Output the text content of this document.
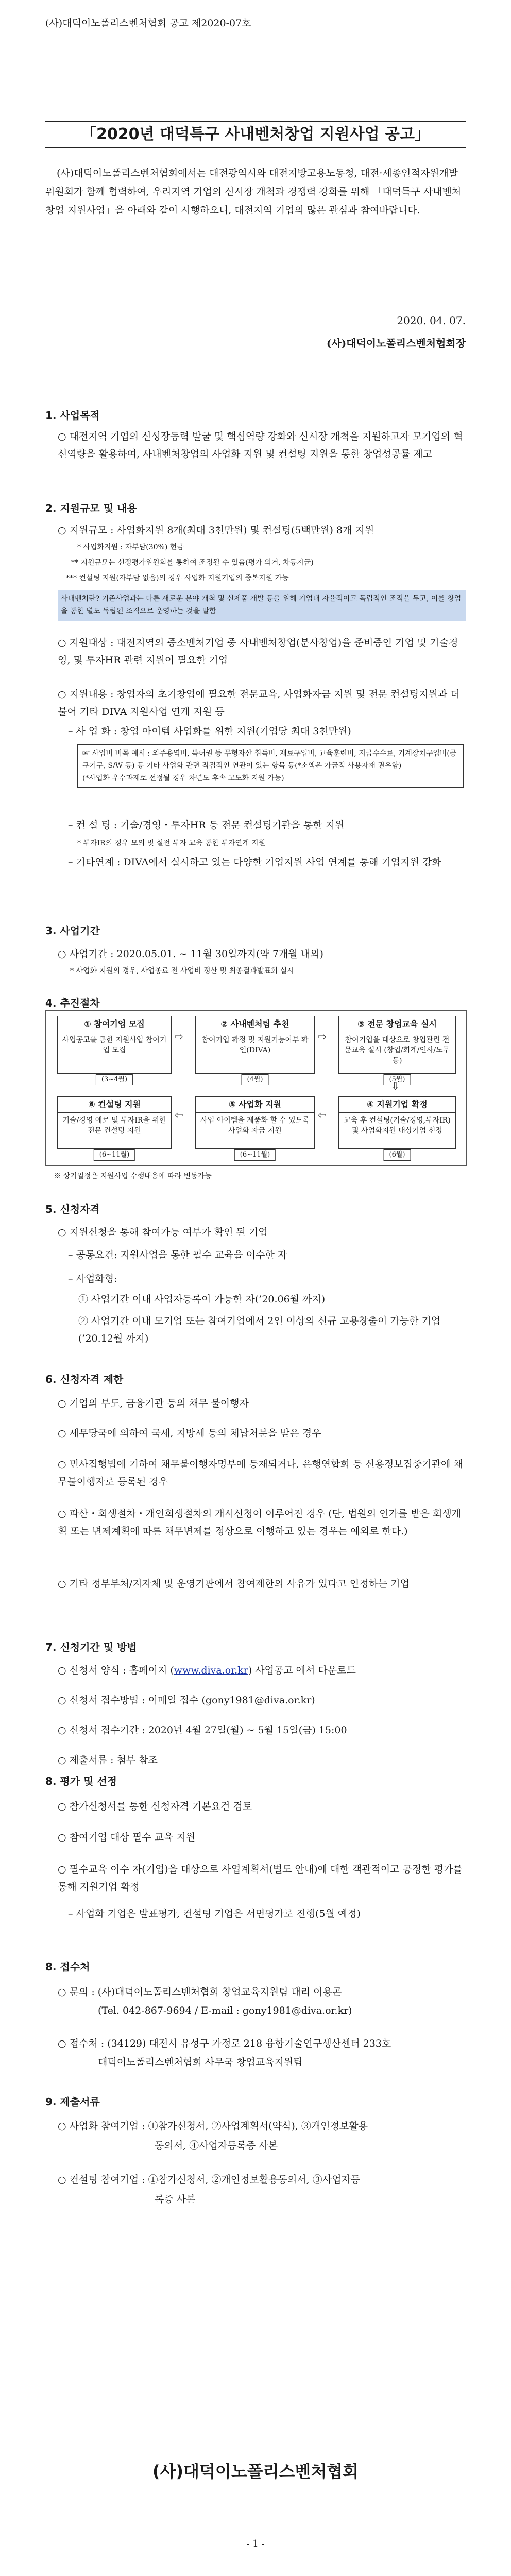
(사)대덕이노폴리스벤처협회 공고 제2020-07호
「2020년 대덕특구 사내벤처창업 지원사업 공고」
(사)대덕이노폴리스벤처협회에서는 대전광역시와 대전지방고용노동청, 대전·세종인적자원개발위원회가 함께 협력하여, 우리지역 기업의 신시장 개척과 경쟁력 강화를 위해 「대덕특구 사내벤처창업 지원사업」을 아래와 같이 시행하오니, 대전지역 기업의 많은 관심과 참여바랍니다.
2020. 04. 07.
(사)대덕이노폴리스벤처협회장
1. 사업목적
○ 대전지역 기업의 신성장동력 발굴 및 핵심역량 강화와 신시장 개척을 지원하고자 모기업의 혁신역량을 활용하여, 사내벤처창업의 사업화 지원 및 컨설팅 지원을 통한 창업성공률 제고
2. 지원규모 및 내용
○ 지원규모 : 사업화지원 8개(최대 3천만원) 및 컨설팅(5백만원) 8개 지원
* 사업화지원 : 자부담(30%) 현금
** 지원규모는 선정평가위원회를 통하여 조정될 수 있음(평가 의거, 차등지급)
*** 컨설팅 지원(자부담 없음)의 경우 사업화 지원기업의 중복지원 가능
사내벤처란? 기존사업과는 다른 새로운 분야 개척 및 신제품 개발 등을 위해 기업내 자율적이고 독립적인 조직을 두고, 이를 창업을 통한 별도 독립된 조직으로 운영하는 것을 말함
○ 지원대상 : 대전지역의 중소벤처기업 중 사내벤처창업(분사창업)을 준비중인 기업 및 기술경영, 및 투자HR 관련 지원이 필요한 기업
○ 지원내용 : 창업자의 초기창업에 필요한 전문교육, 사업화자금 지원 및 전문 컨설팅지원과 더불어 기타 DIVA 지원사업 연계 지원 등
– 사 업 화 : 창업 아이템 사업화를 위한 지원(기업당 최대 3천만원)
☞ 사업비 비목 예시 : 외주용역비, 특허권 등 무형자산 취득비, 재료구입비, 교육훈련비, 지급수수료, 기계장치구입비(공구기구, S/W 등) 등 기타 사업화 관련 직접적인 연관이 있는 항목 등(*소액은 가급적 사용자재 권유함)
(*사업화 우수과제로 선정될 경우 차년도 후속 고도화 지원 가능)
– 컨 설 팅 : 기술/경영・투자HR 등 전문 컨설팅기관을 통한 지원
* 투자IR의 경우 모의 및 실전 투자 교육 통한 투자연계 지원
– 기타연계 : DIVA에서 실시하고 있는 다양한 기업지원 사업 연계를 통해 기업지원 강화
3. 사업기간
○ 사업기간 : 2020.05.01. ~ 11월 30일까지(약 7개월 내외)
* 사업화 지원의 경우, 사업종료 전 사업비 정산 및 최종결과발표회 실시
4. 추진절차
① 참여기업 모집
사업공고를 통한 지원사업 참여기업 모집
(3~4월)
⇨
② 사내벤처팀 추천
참여기업 확정 및 지원기능여부 확인(DIVA)
(4월)
⇨
③ 전문 창업교육 실시
참여기업을 대상으로 창업관련 전문교육 실시 (창업/회계/인사/노무 등)
(5월)
⇩
⑥ 컨설팅 지원
기술/경영 애로 및 투자IR을 위한 전문 컨설팅 지원
(6~11월)
⇦
⑤ 사업화 지원
사업 아이템을 제품화 할 수 있도록 사업화 자금 지원
(6~11월)
⇦
④ 지원기업 확정
교육 후 컨설팅(기술/경영,투자IR) 및 사업화지원 대상기업 선정
(6월)
※ 상기일정은 지원사업 수행내용에 따라 변동가능
5. 신청자격
○ 지원신청을 통해 참여가능 여부가 확인 된 기업
– 공통요건: 지원사업을 통한 필수 교육을 이수한 자
– 사업화형:
① 사업기간 이내 사업자등록이 가능한 자(’20.06월 까지)
② 사업기간 이내 모기업 또는 참여기업에서 2인 이상의 신규 고용창출이 가능한 기업(’20.12월 까지)
6. 신청자격 제한
○ 기업의 부도, 금융기관 등의 채무 불이행자
○ 세무당국에 의하여 국세, 지방세 등의 체납처분을 받은 경우
○ 민사집행법에 기하여 채무불이행자명부에 등재되거나, 은행연합회 등 신용정보집중기관에 채무불이행자로 등록된 경우
○ 파산・회생절차・개인회생절차의 개시신청이 이루어진 경우 (단, 법원의 인가를 받은 회생계획 또는 변제계획에 따른 채무변제를 정상으로 이행하고 있는 경우는 예외로 한다.)
○ 기타 정부부처/지자체 및 운영기관에서 참여제한의 사유가 있다고 인정하는 기업
7. 신청기간 및 방법
○ 신청서 양식 : 홈페이지 (www.diva.or.kr) 사업공고 에서 다운로드
○ 신청서 접수방법 : 이메일 접수 (gony1981@diva.or.kr)
○ 신청서 접수기간 : 2020년 4월 27일(월) ~ 5월 15일(금) 15:00
○ 제출서류 : 첨부 참조
8. 평가 및 선정
○ 참가신청서를 통한 신청자격 기본요건 검토
○ 참여기업 대상 필수 교육 지원
○ 필수교육 이수 자(기업)을 대상으로 사업계획서(별도 안내)에 대한 객관적이고 공정한 평가를 통해 지원기업 확정
– 사업화 기업은 발표평가, 컨설팅 기업은 서면평가로 진행(5월 예정)
8. 접수처
○ 문의 : (사)대덕이노폴리스벤처협회 창업교육지원팀 대리 이용곤
(Tel. 042-867-9694 / E-mail : gony1981@diva.or.kr)
○ 접수처 : (34129) 대전시 유성구 가정로 218 융합기술연구생산센터 233호
대덕이노폴리스벤처협회 사무국 창업교육지원팀
9. 제출서류
○ 사업화 참여기업 : ①참가신청서, ②사업계획서(약식), ③개인정보활용
동의서, ④사업자등록증 사본
○ 컨설팅 참여기업 : ①참가신청서, ②개인정보활용동의서, ③사업자등
록증 사본
(사)대덕이노폴리스벤처협회
- 1 -
